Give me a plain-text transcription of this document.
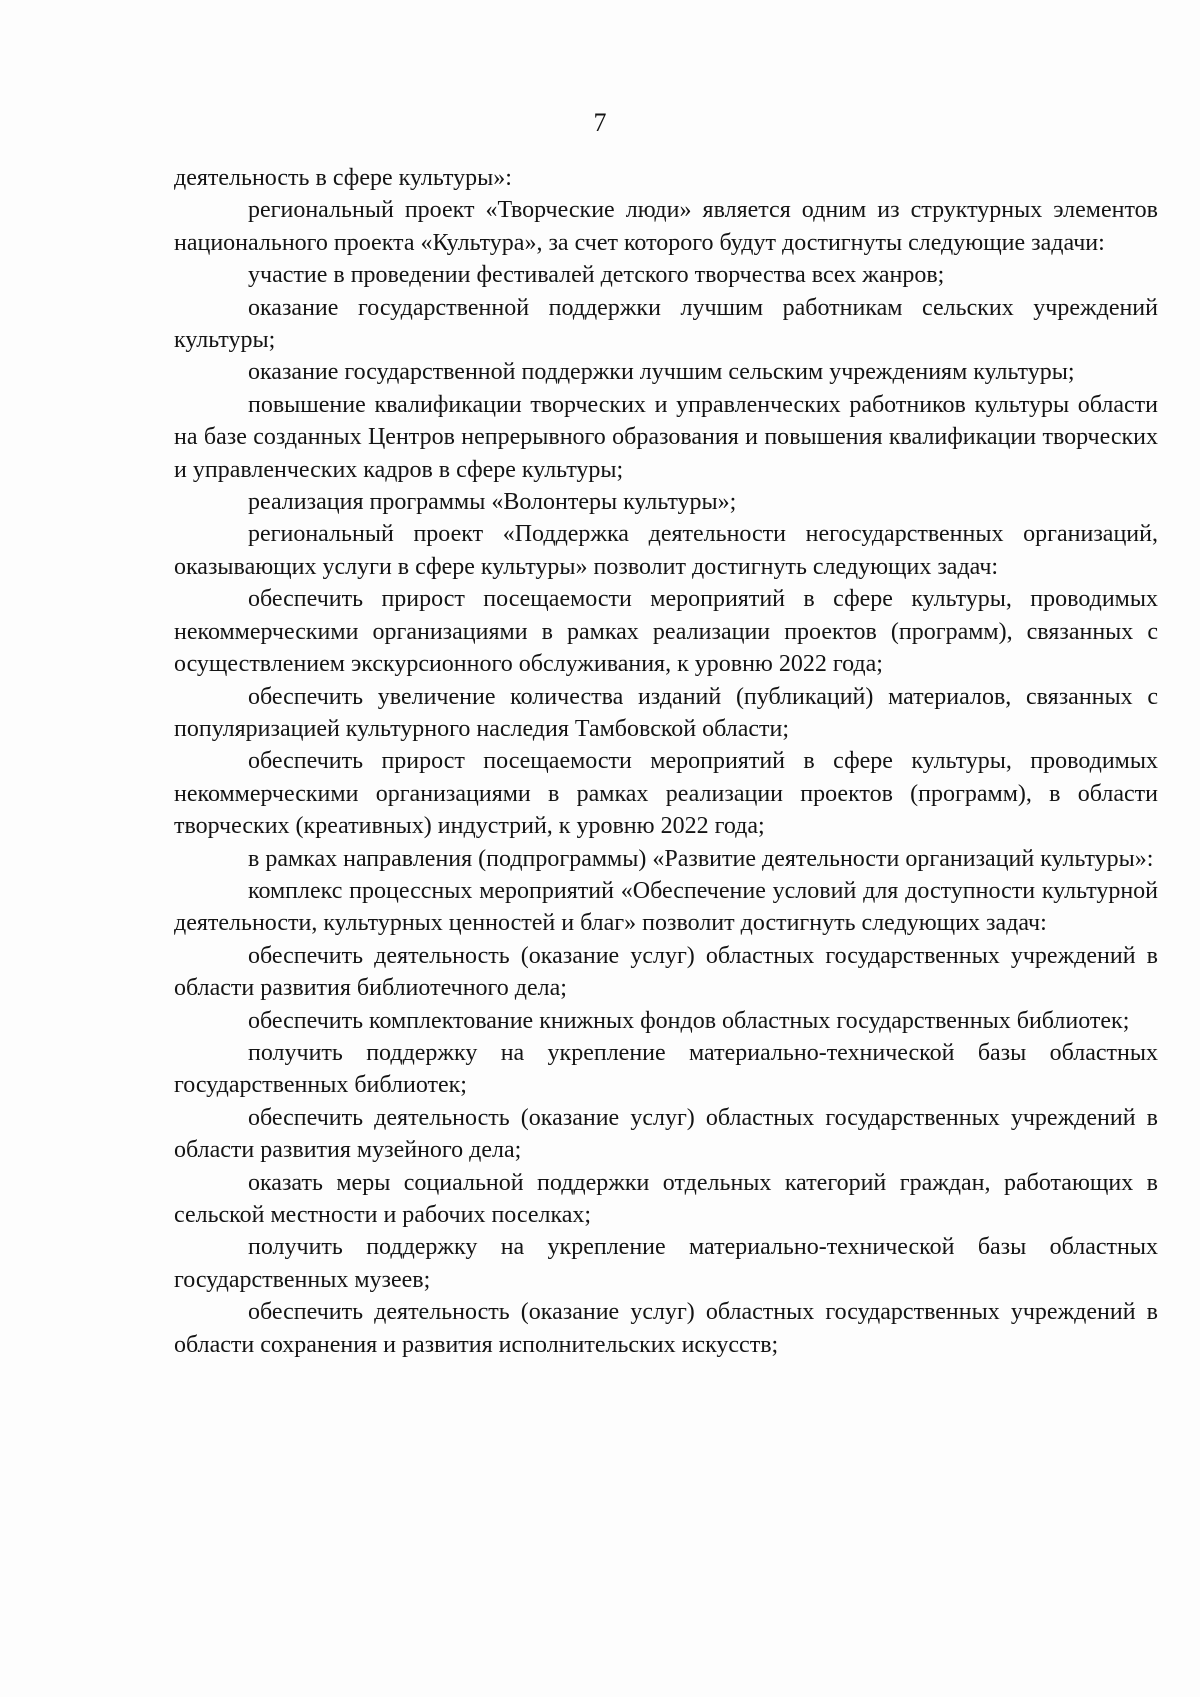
7

деятельность в сфере культуры»:

региональный проект «Творческие люди» является одним из структурных элементов национального проекта «Культура», за счет которого будут достигнуты следующие задачи:

участие в проведении фестивалей детского творчества всех жанров;

оказание государственной поддержки лучшим работникам сельских учреждений культуры;

оказание государственной поддержки лучшим сельским учреждениям культуры;

повышение квалификации творческих и управленческих работников культуры области на базе созданных Центров непрерывного образования и повышения квалификации творческих и управленческих кадров в сфере культуры;

реализация программы «Волонтеры культуры»;

региональный проект «Поддержка деятельности негосударственных организаций, оказывающих услуги в сфере культуры» позволит достигнуть следующих задач:

обеспечить прирост посещаемости мероприятий в сфере культуры, проводимых некоммерческими организациями в рамках реализации проектов (программ), связанных с осуществлением экскурсионного обслуживания, к уровню 2022 года;

обеспечить увеличение количества изданий (публикаций) материалов, связанных с популяризацией культурного наследия Тамбовской области;

обеспечить прирост посещаемости мероприятий в сфере культуры, проводимых некоммерческими организациями в рамках реализации проектов (программ), в области творческих (креативных) индустрий, к уровню 2022 года;

в рамках направления (подпрограммы) «Развитие деятельности организаций культуры»:

комплекс процессных мероприятий «Обеспечение условий для доступности культурной деятельности, культурных ценностей и благ» позволит достигнуть следующих задач:

обеспечить деятельность (оказание услуг) областных государственных учреждений в области развития библиотечного дела;

обеспечить комплектование книжных фондов областных государственных библиотек;

получить поддержку на укрепление материально-технической базы областных государственных библиотек;

обеспечить деятельность (оказание услуг) областных государственных учреждений в области развития музейного дела;

оказать меры социальной поддержки отдельных категорий граждан, работающих в сельской местности и рабочих поселках;

получить поддержку на укрепление материально-технической базы областных государственных музеев;

обеспечить деятельность (оказание услуг) областных государственных учреждений в области сохранения и развития исполнительских искусств;
